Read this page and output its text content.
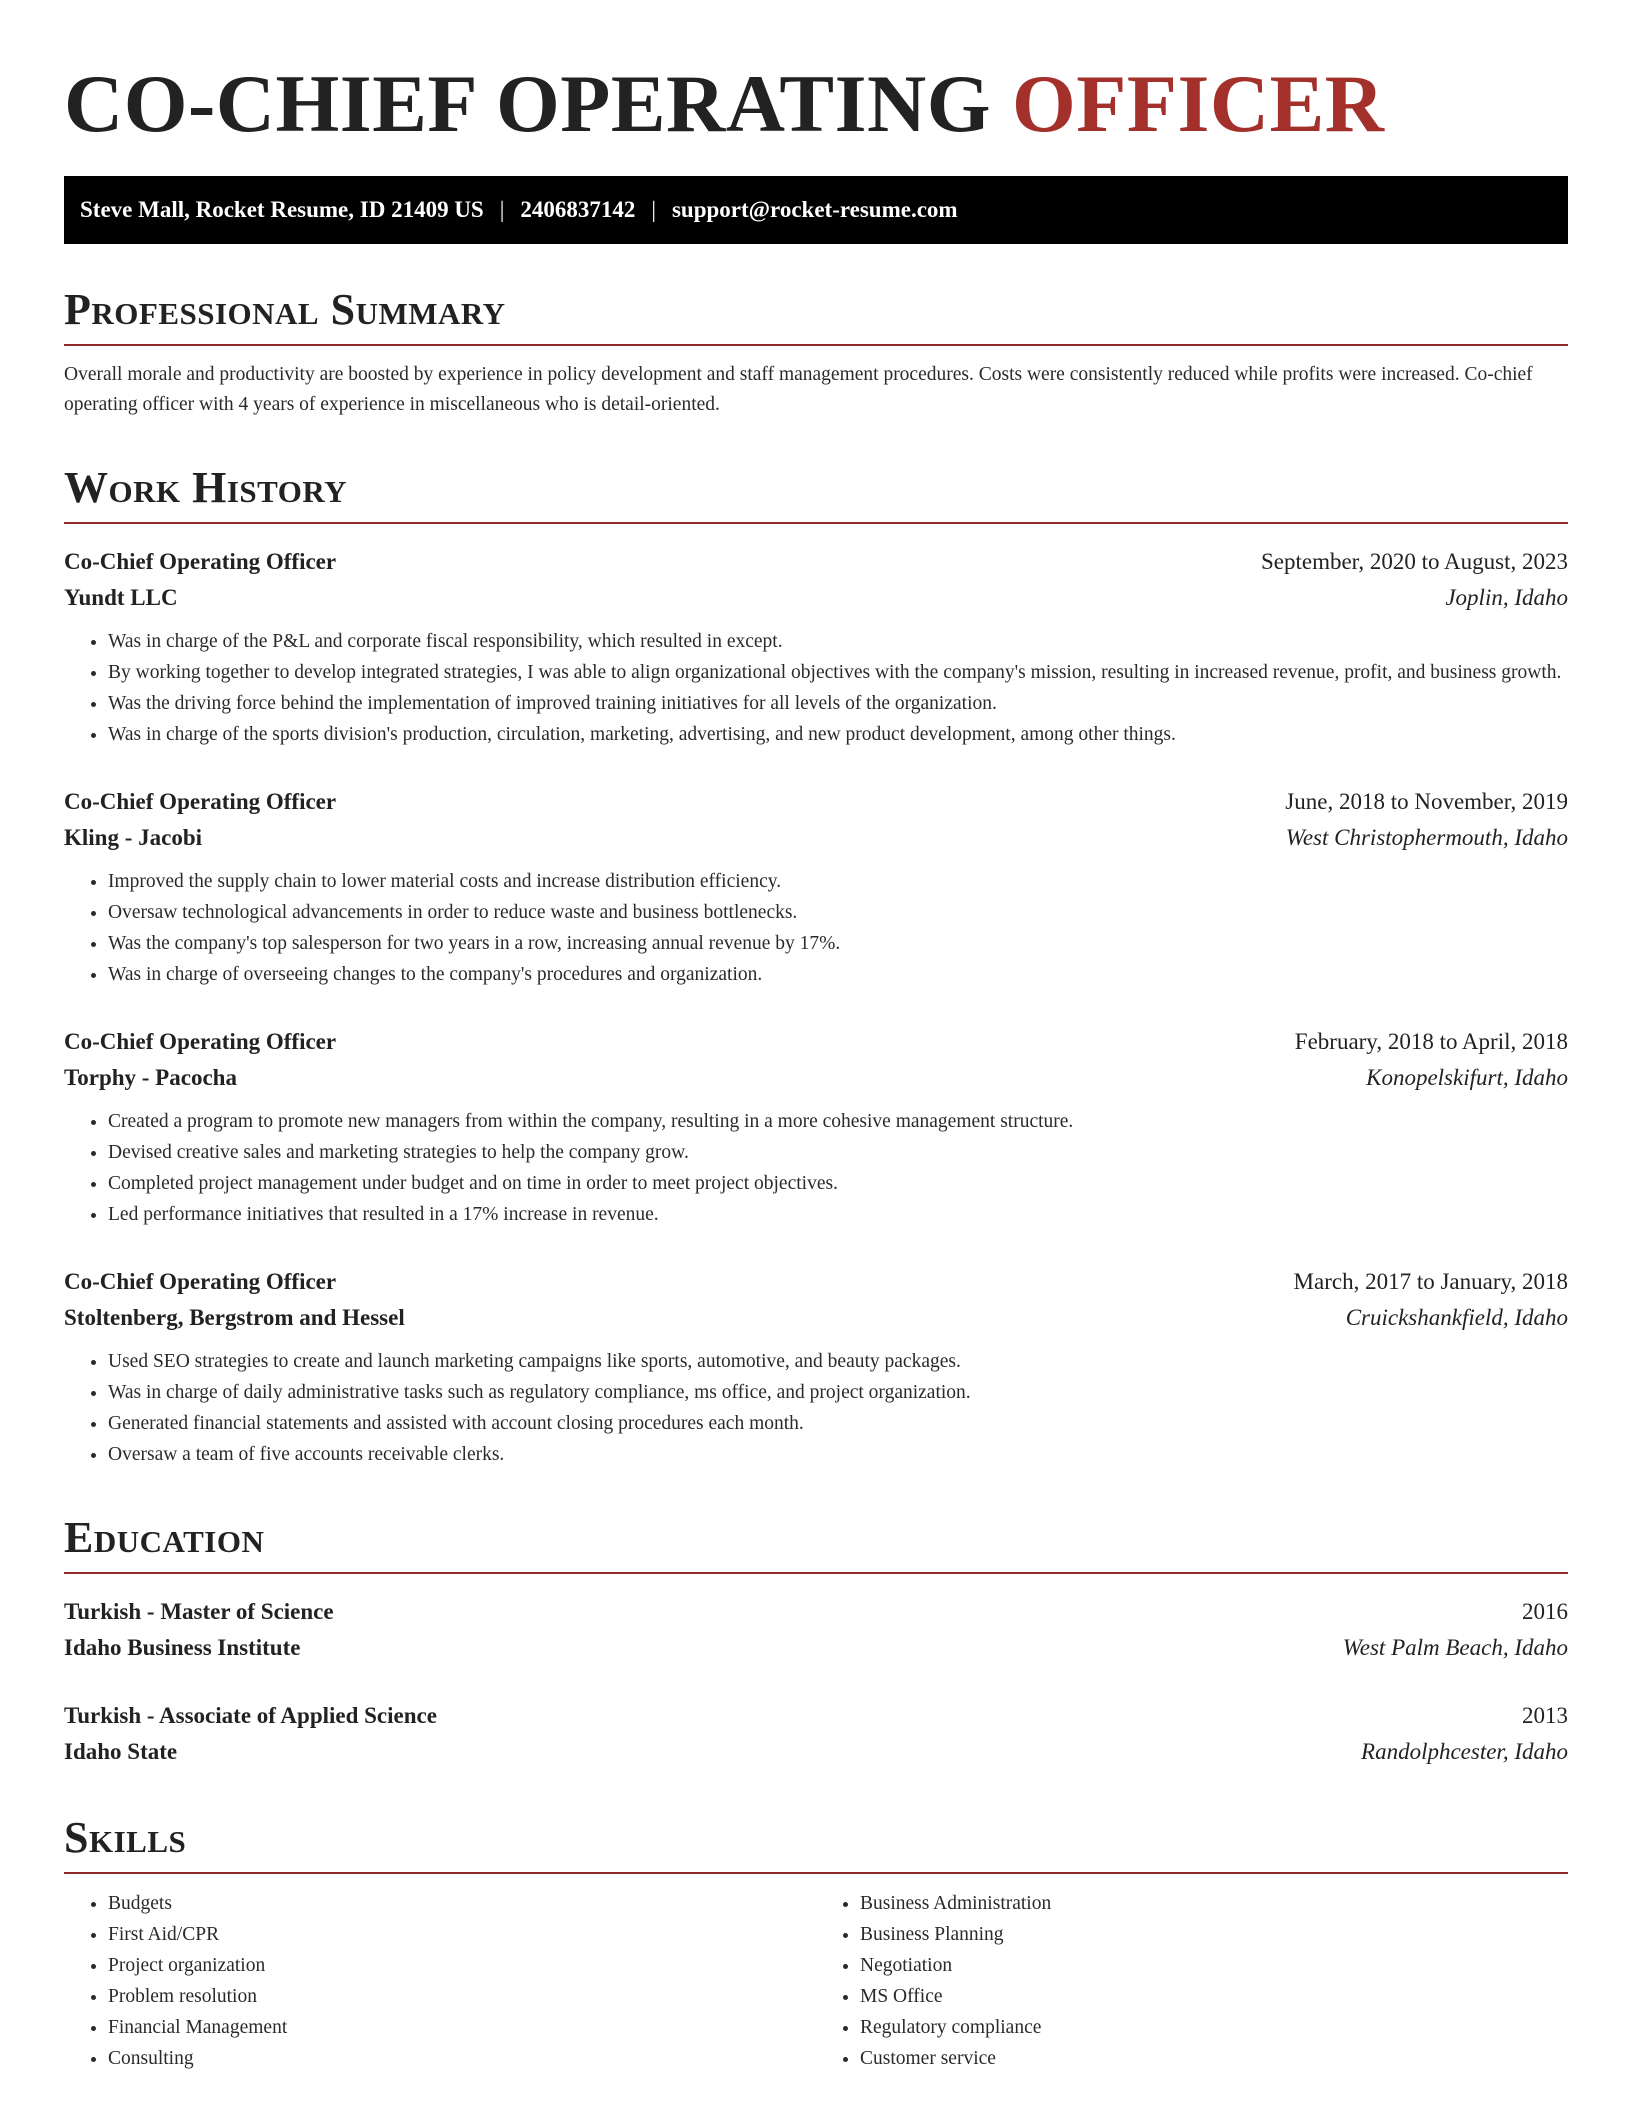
CO-CHIEF OPERATING OFFICER
Steve Mall, Rocket Resume, ID 21409 US | 2406837142 | support@rocket-resume.com
Professional Summary
Overall morale and productivity are boosted by experience in policy development and staff management procedures. Costs were consistently reduced while profits were increased. Co-chief operating officer with 4 years of experience in miscellaneous who is detail-oriented.
Work History
Co-Chief Operating Officer	September, 2020 to August, 2023
Yundt LLC	Joplin, Idaho
• Was in charge of the P&L and corporate fiscal responsibility, which resulted in except.
• By working together to develop integrated strategies, I was able to align organizational objectives with the company's mission, resulting in increased revenue, profit, and business growth.
• Was the driving force behind the implementation of improved training initiatives for all levels of the organization.
• Was in charge of the sports division's production, circulation, marketing, advertising, and new product development, among other things.
Co-Chief Operating Officer	June, 2018 to November, 2019
Kling - Jacobi	West Christophermouth, Idaho
• Improved the supply chain to lower material costs and increase distribution efficiency.
• Oversaw technological advancements in order to reduce waste and business bottlenecks.
• Was the company's top salesperson for two years in a row, increasing annual revenue by 17%.
• Was in charge of overseeing changes to the company's procedures and organization.
Co-Chief Operating Officer	February, 2018 to April, 2018
Torphy - Pacocha	Konopelskifurt, Idaho
• Created a program to promote new managers from within the company, resulting in a more cohesive management structure.
• Devised creative sales and marketing strategies to help the company grow.
• Completed project management under budget and on time in order to meet project objectives.
• Led performance initiatives that resulted in a 17% increase in revenue.
Co-Chief Operating Officer	March, 2017 to January, 2018
Stoltenberg, Bergstrom and Hessel	Cruickshankfield, Idaho
• Used SEO strategies to create and launch marketing campaigns like sports, automotive, and beauty packages.
• Was in charge of daily administrative tasks such as regulatory compliance, ms office, and project organization.
• Generated financial statements and assisted with account closing procedures each month.
• Oversaw a team of five accounts receivable clerks.
Education
Turkish - Master of Science	2016
Idaho Business Institute	West Palm Beach, Idaho
Turkish - Associate of Applied Science	2013
Idaho State	Randolphcester, Idaho
Skills
• Budgets
• First Aid/CPR
• Project organization
• Problem resolution
• Financial Management
• Consulting
• Business Administration
• Business Planning
• Negotiation
• MS Office
• Regulatory compliance
• Customer service
